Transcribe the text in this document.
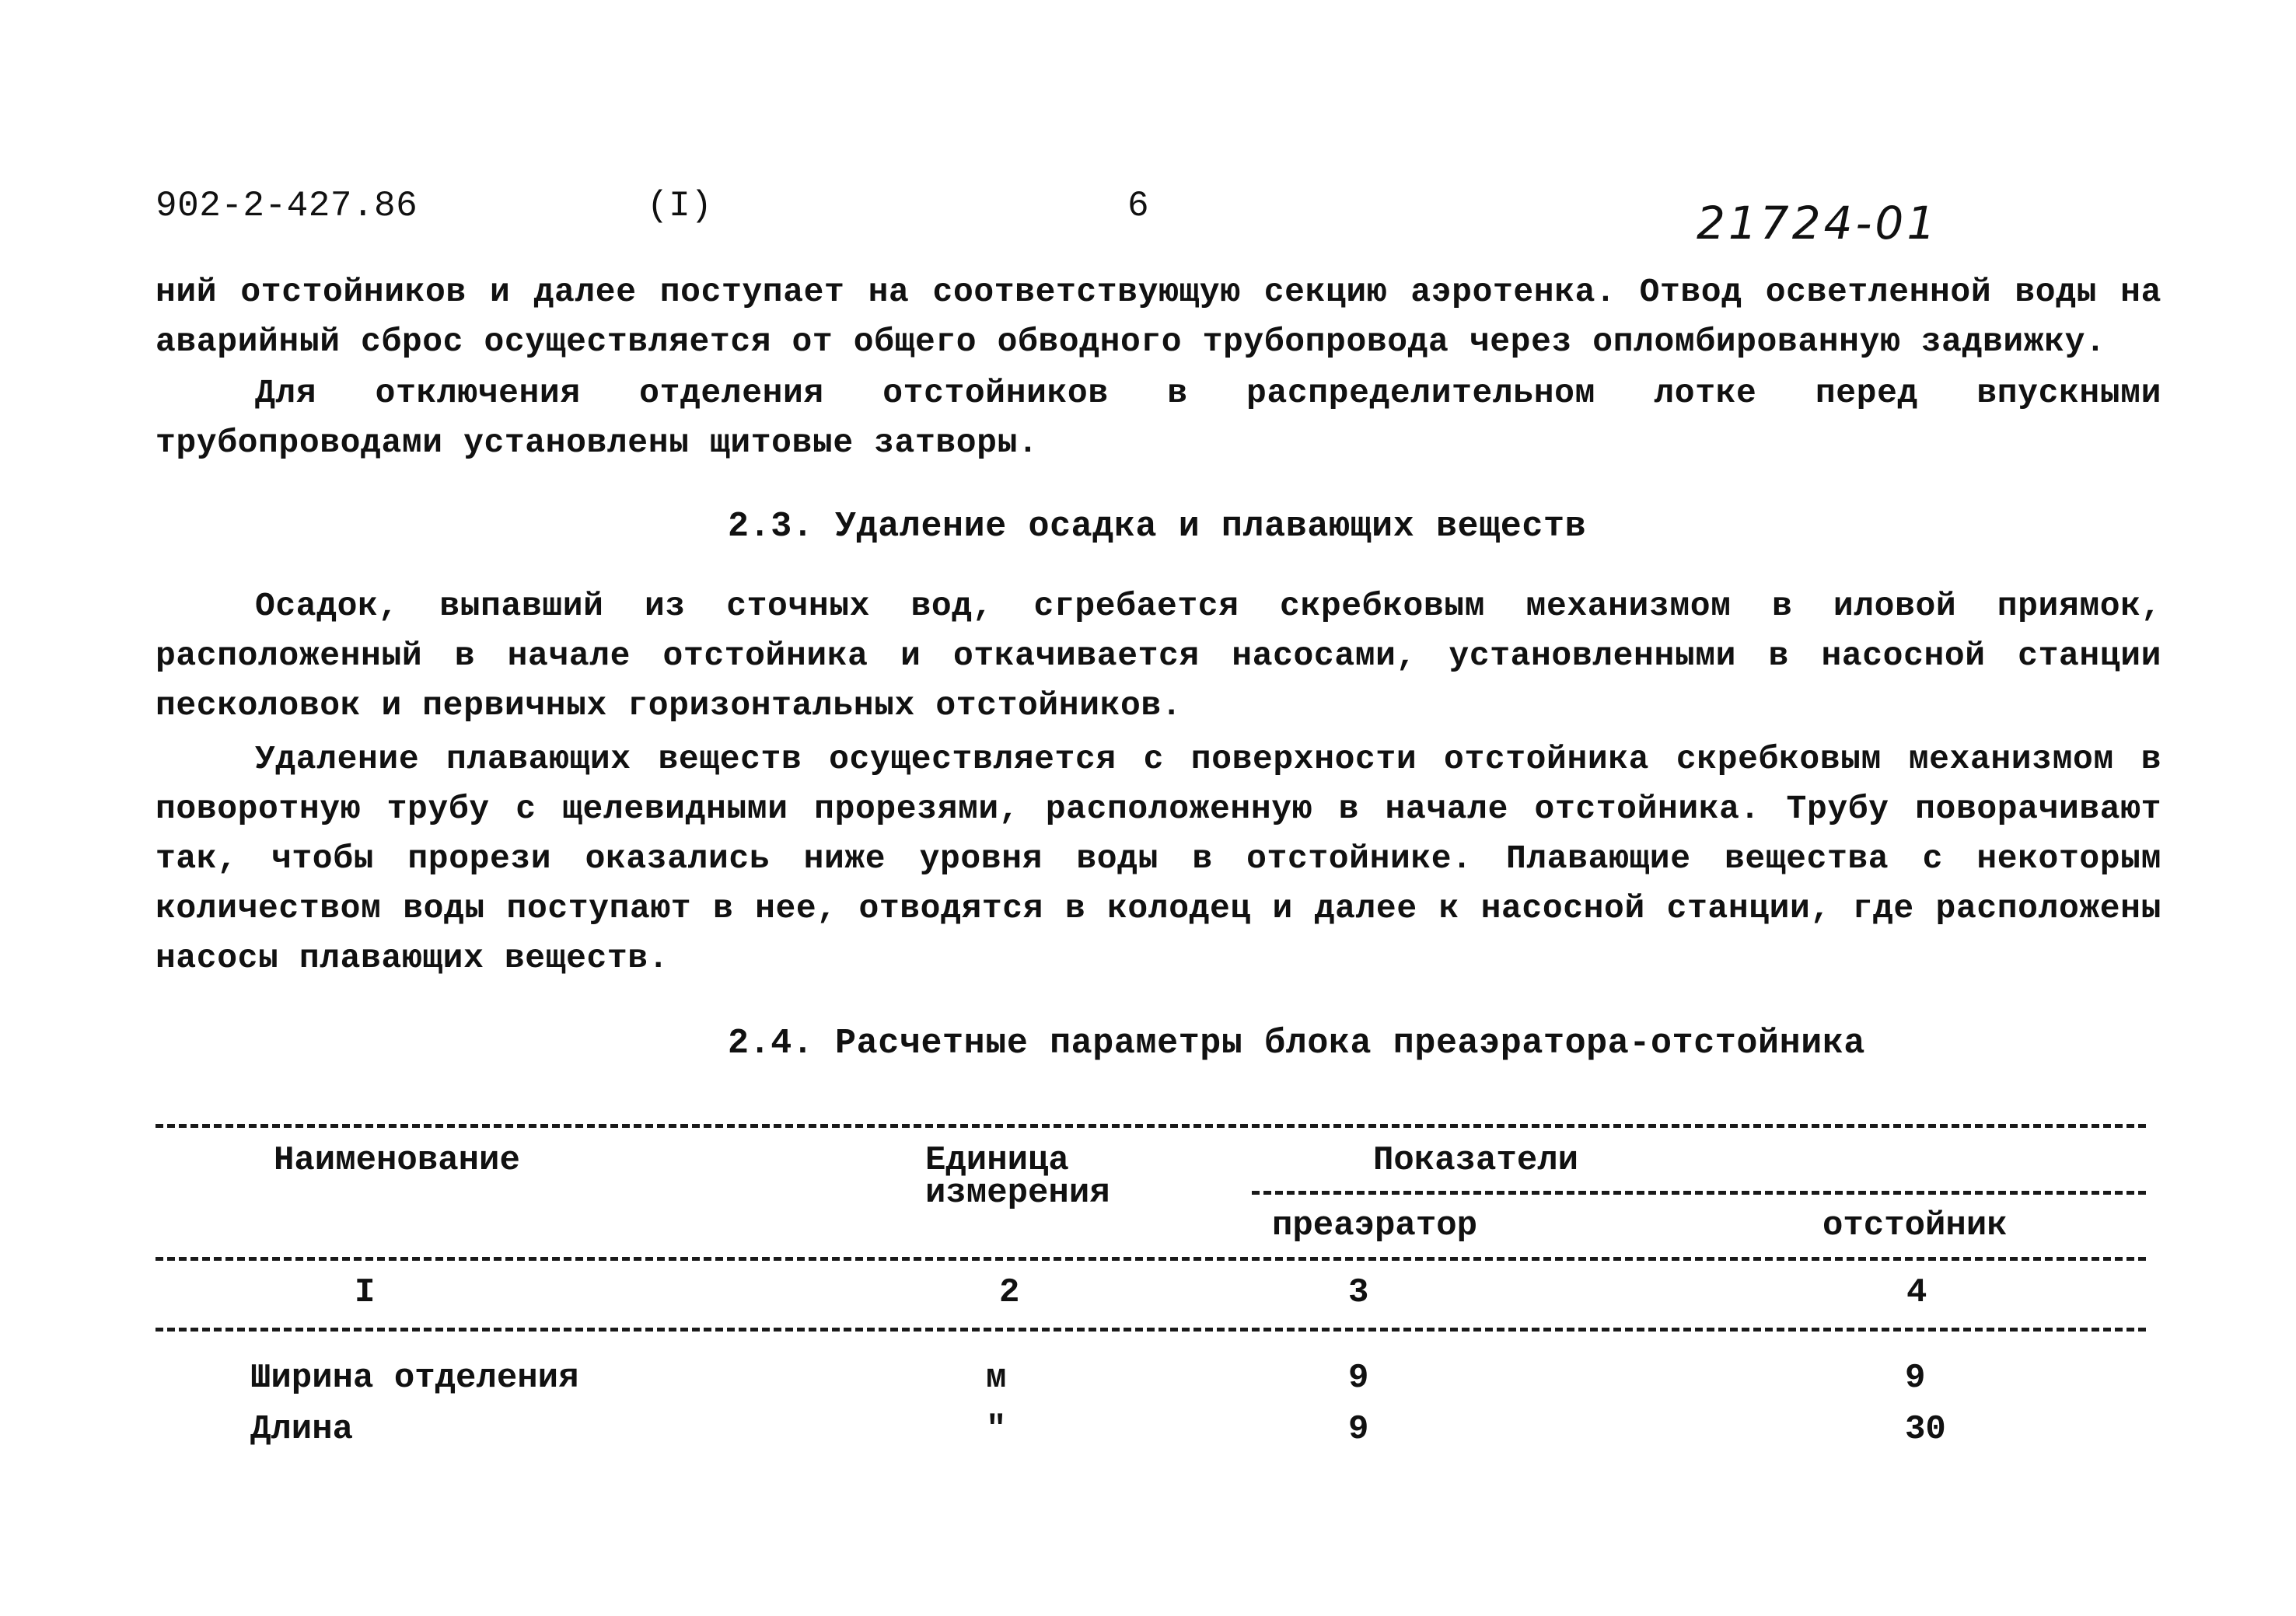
902-2-427.86	(I)	6	21724-01
ний отстойников и далее поступает на соответствующую секцию аэротенка. Отвод осветленной воды на аварийный сброс осуществляется от общего обводного трубопровода через опломбированную задвижку.
Для отключения отделения отстойников в распределительном лотке перед впускными трубопроводами установлены щитовые затворы.
2.3. Удаление осадка и плавающих веществ
Осадок, выпавший из сточных вод, сгребается скребковым механизмом в иловой приямок, расположенный в начале отстойника и откачивается насосами, установленными в насосной станции песколовок и первичных горизонтальных отстойников.
Удаление плавающих веществ осуществляется с поверхности отстойника скребковым механизмом в поворотную трубу с щелевидными прорезями, расположенную в начале отстойника. Трубу поворачивают так, чтобы прорези оказались ниже уровня воды в отстойнике. Плавающие вещества с некоторым количеством воды поступают в нее, отводятся в колодец и далее к насосной станции, где расположены насосы плавающих веществ.
2.4. Расчетные параметры блока преаэратора-отстойника
Наименование	Единица
измерения
Показатели
преаэратор	отстойник
I	2	3	4
Ширина отделения	м	9	9
Длина	"	9	30
